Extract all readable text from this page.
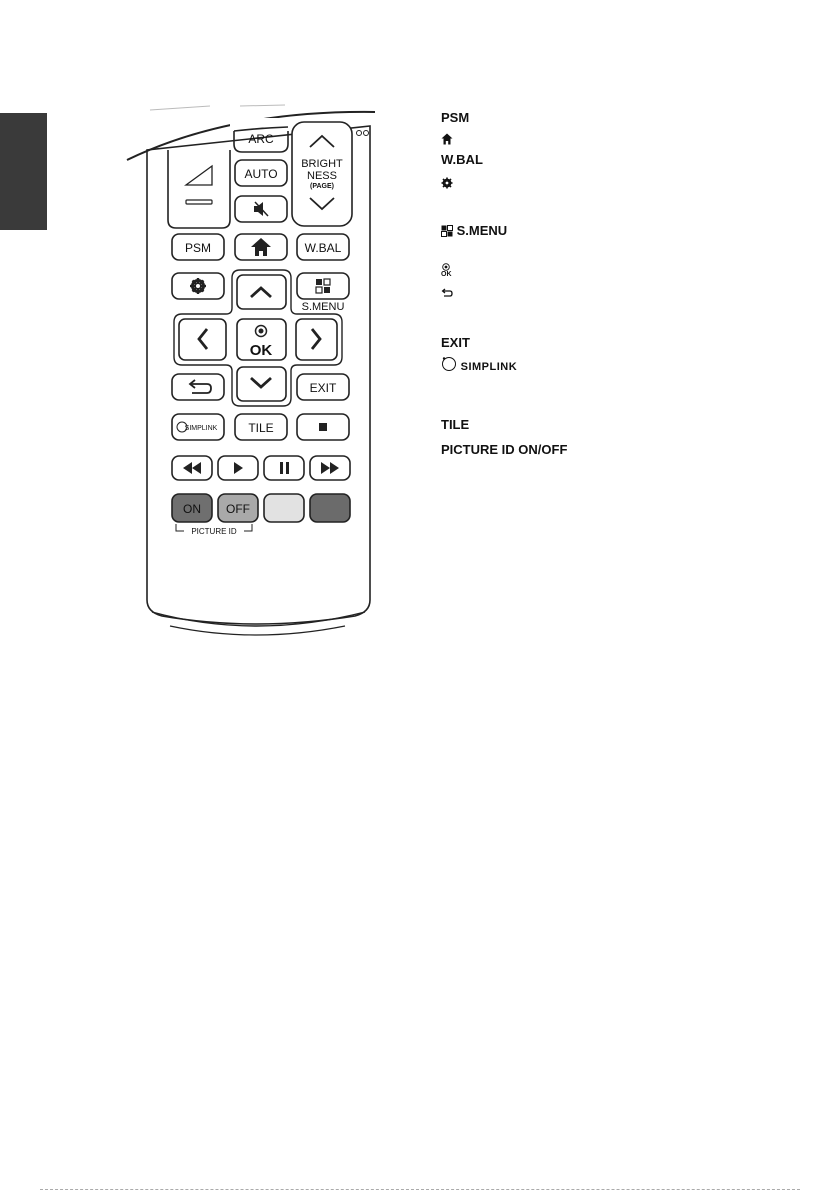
ARC
AUTO
BRIGHT
NESS
(PAGE)
PSM	W.BAL
OK
S.MENU
EXIT
SIMPLINK	TILE
ON OFF
PICTURE ID
PSM
W.BAL
S.MENU

OK
EXIT
SIMPLINK
TILE
PICTURE ID ON/OFF
